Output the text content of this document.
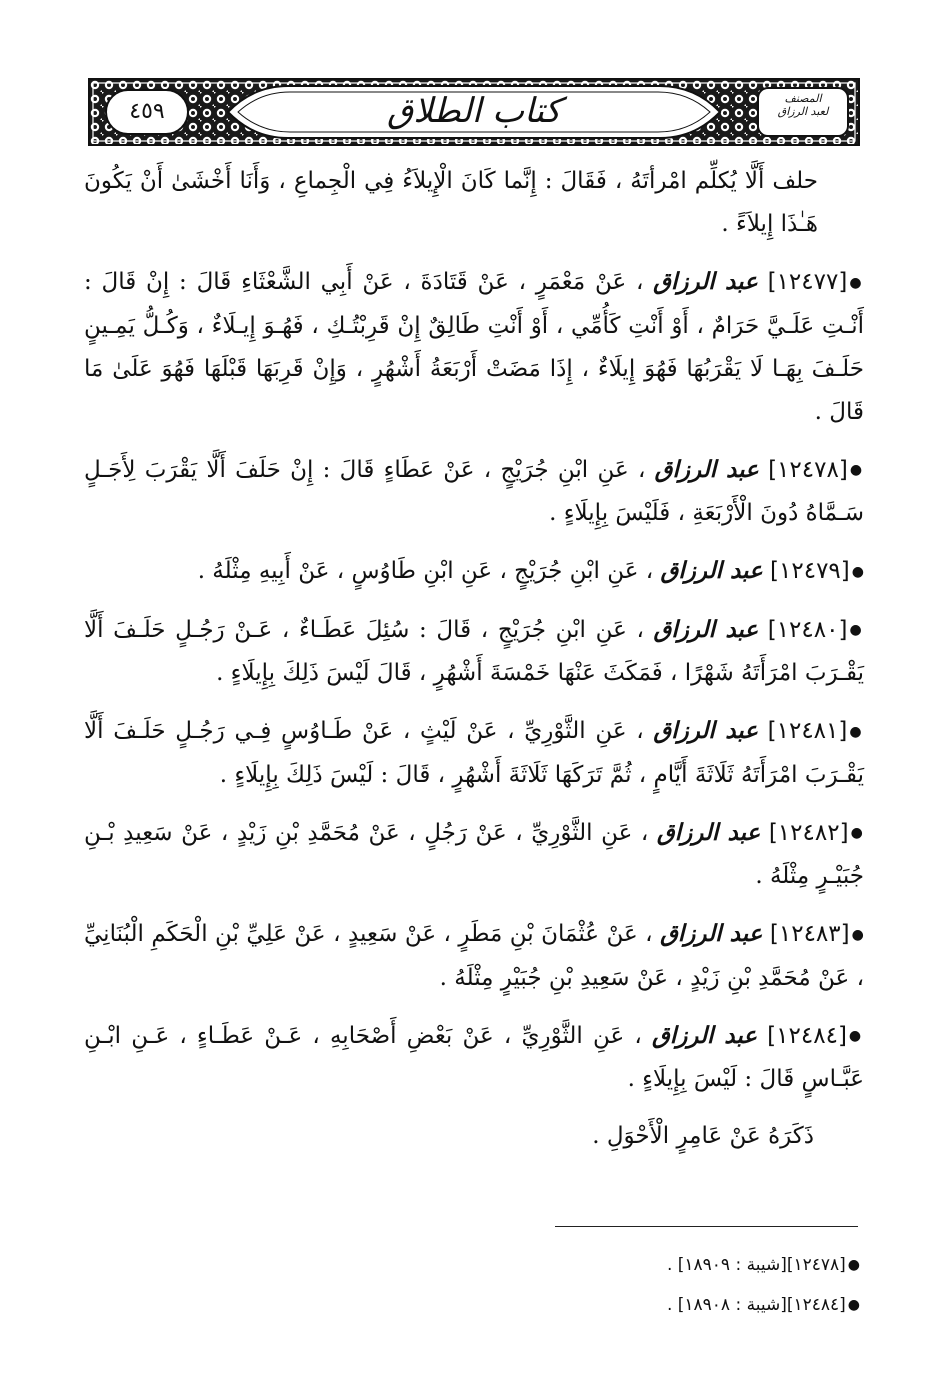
٤٥٩	كتاب الطلاق	المصنف
لعبد الرزاق
حلف أَلَّا يُكلِّم امْرأتَهُ ، فَقَالَ : إِنَّما كَانَ الْإِيلاَءُ فِي الْجِماعِ ، وَأَنَا أَخْشَىٰ أَنْ يَكُونَ هَـٰذَا إِيلاَءً .
●[١٢٤٧٧] عبد الرزاق ، عَنْ مَعْمَرٍ ، عَنْ قَتَادَةَ ، عَنْ أَبِي الشَّعْثَاءِ قَالَ : إِنْ قَالَ : أَنْـتِ عَلَـيَّ حَرَامٌ ، أَوْ أَنْتِ كَأُمِّي ، أَوْ أَنْتِ طَالِقٌ إِنْ قَرِبْتُـكِ ، فَهُـوَ إِيـلَاءٌ ، وَكُـلُّ يَمِـينٍ حَلَـفَ بِهَـا لَا يَقْرَبُهَا فَهُوَ إِيلَاءٌ ، إِذَا مَضَتْ أَرْبَعَةُ أَشْهُرٍ ، وَإِنْ قَرِبَهَا قَبْلَهَا فَهُوَ عَلَىٰ مَا قَالَ .
●[١٢٤٧٨] عبد الرزاق ، عَنِ ابْنِ جُرَيْجٍ ، عَنْ عَطَاءٍ قَالَ : إِنْ حَلَفَ أَلَّا يَقْرَبَ لِأَجَـلٍ سَـمَّاهُ دُونَ الْأَرْبَعَةِ ، فَلَيْسَ بِإِيلَاءٍ .
●[١٢٤٧٩] عبد الرزاق ، عَنِ ابْنِ جُرَيْجٍ ، عَنِ ابْنِ طَاوُسٍ ، عَنْ أَبِيهِ مِثْلَهُ .
●[١٢٤٨٠] عبد الرزاق ، عَنِ ابْنِ جُرَيْجٍ ، قَالَ : سُئِلَ عَطَـاءٌ ، عَـنْ رَجُـلٍ حَلَـفَ أَلَّا يَقْـرَبَ امْرَأَتَهُ شَهْرًا ، فَمَكَثَ عَنْهَا خَمْسَةَ أَشْهُرٍ ، قَالَ لَيْسَ ذَلِكَ بِإِيلَاءٍ .
●[١٢٤٨١] عبد الرزاق ، عَنِ الثَّوْرِيِّ ، عَنْ لَيْثٍ ، عَنْ طَـاوُسٍ فِـي رَجُـلٍ حَلَـفَ أَلَّا يَقْـرَبَ امْرَأَتَهُ ثَلَاثَةَ أَيَّامٍ ، ثُمَّ تَرَكَهَا ثَلَاثَةَ أَشْهُرٍ ، قَالَ : لَيْسَ ذَلِكَ بِإِيلَاءٍ .
●[١٢٤٨٢] عبد الرزاق ، عَنِ الثَّوْرِيِّ ، عَنْ رَجُلٍ ، عَنْ مُحَمَّدِ بْنِ زَيْدٍ ، عَنْ سَعِيدِ بْـنِ جُبَيْـرٍ مِثْلَهُ .
●[١٢٤٨٣] عبد الرزاق ، عَنْ عُثْمَانَ بْنِ مَطَرٍ ، عَنْ سَعِيدٍ ، عَنْ عَلِيِّ بْنِ الْحَكَمِ الْبُنَانِيِّ ، عَنْ مُحَمَّدِ بْنِ زَيْدٍ ، عَنْ سَعِيدِ بْنِ جُبَيْرٍ مِثْلَهُ .
●[١٢٤٨٤] عبد الرزاق ، عَنِ الثَّوْرِيِّ ، عَنْ بَعْضِ أَصْحَابِهِ ، عَـنْ عَطَـاءٍ ، عَـنِ ابْـنِ عَبَّـاسٍ قَالَ : لَيْسَ بِإِيلَاءٍ .
ذَكَرَهُ عَنْ عَامِرٍ الْأَحْوَلِ .
●[١٢٤٧٨][شيبة : ١٨٩٠٩] .
●[١٢٤٨٤][شيبة : ١٨٩٠٨] .
